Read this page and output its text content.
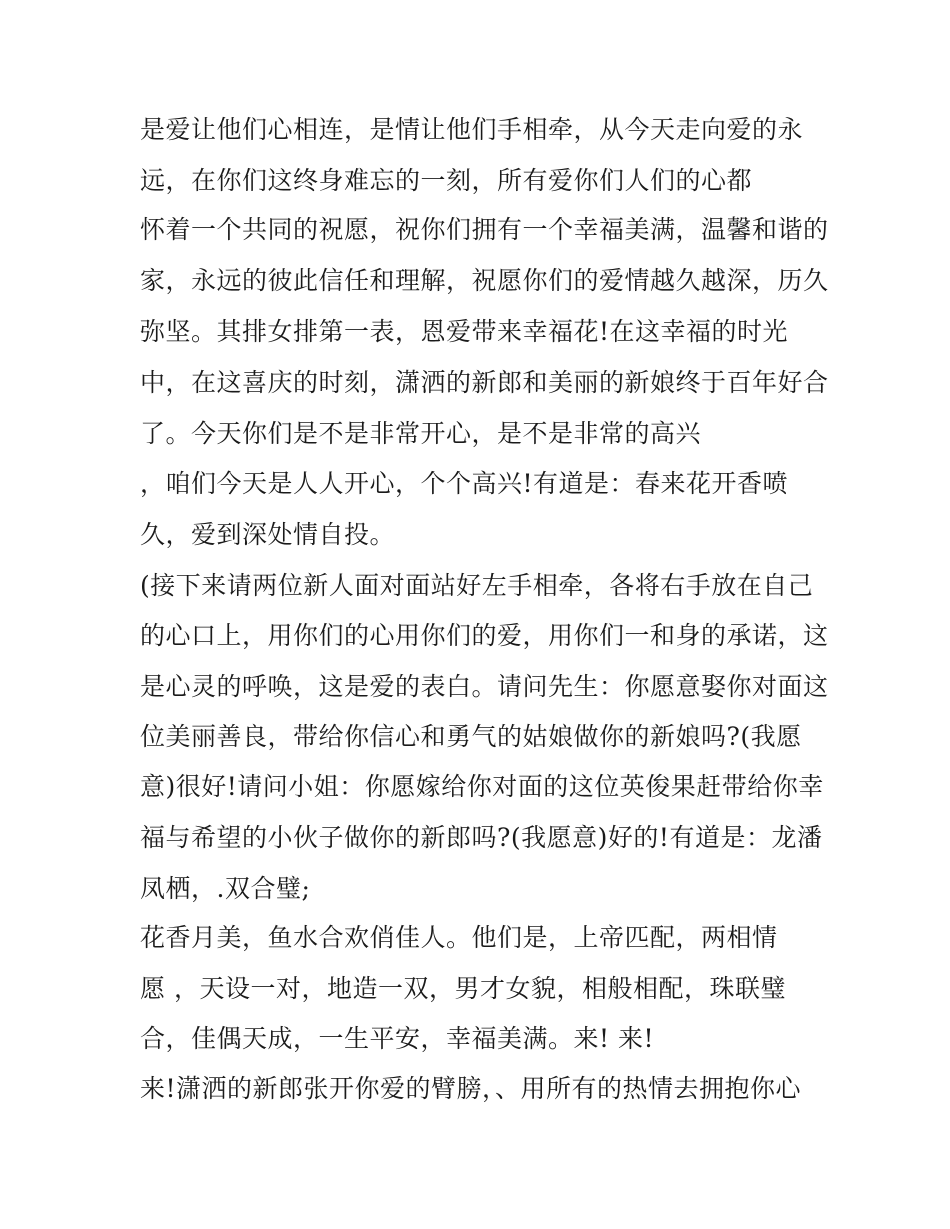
是爱让他们心相连，是情让他们手相牵，从今天走向爱的永
远，在你们这终身难忘的一刻，所有爱你们人们的心都
怀着一个共同的祝愿，祝你们拥有一个幸福美满，温馨和谐的
家，永远的彼此信任和理解，祝愿你们的爱情越久越深，历久
弥坚。其排女排第一表，恩爱带来幸福花!在这幸福的时光
中，在这喜庆的时刻，潇洒的新郎和美丽的新娘终于百年好合
了。今天你们是不是非常开心，是不是非常的高兴
，咱们今天是人人开心，个个高兴!有道是：春来花开香喷
久，爱到深处情自投。
(接下来请两位新人面对面站好左手相牵，各将右手放在自己
的心口上，用你们的心用你们的爱，用你们一和身的承诺，这
是心灵的呼唤，这是爱的表白。请问先生：你愿意娶你对面这
位美丽善良，带给你信心和勇气的姑娘做你的新娘吗?(我愿
意)很好!请问小姐：你愿嫁给你对面的这位英俊果赶带给你幸
福与希望的小伙子做你的新郎吗?(我愿意)好的!有道是：龙潘
凤栖，.双合璧;
花香月美，鱼水合欢俏佳人。他们是，上帝匹配，两相情
愿 ，天设一对，地造一双，男才女貌，相般相配，珠联璧
合，佳偶天成，一生平安，幸福美满。来! 来!
来!潇洒的新郎张开你爱的臂膀，、用所有的热情去拥抱你心
